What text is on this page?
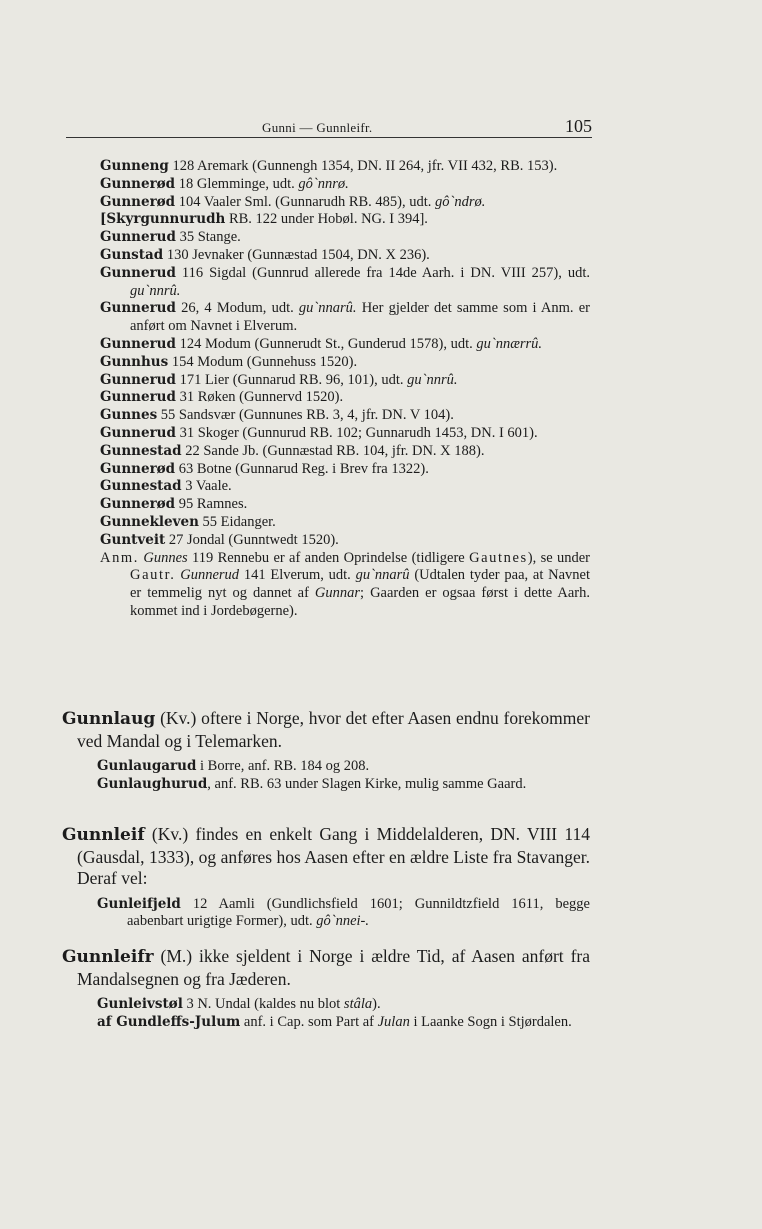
Gunni — Gunnleifr.	105
Gunneng 128 Aremark (Gunnengh 1354, DN. II 264, jfr. VII 432, RB. 153).
Gunnerød 18 Glemminge, udt. gô`nnrø.
Gunnerød 104 Vaaler Sml. (Gunnarudh RB. 485), udt. gô`ndrø.
[Skyrgunnurudh RB. 122 under Hobøl. NG. I 394].
Gunnerud 35 Stange.
Gunstad 130 Jevnaker (Gunnæstad 1504, DN. X 236).
Gunnerud 116 Sigdal (Gunnrud allerede fra 14de Aarh. i DN. VIII 257), udt. gu`nnrû.
Gunnerud 26, 4 Modum, udt. gu`nnarû. Her gjelder det samme som i Anm. er anført om Navnet i Elverum.
Gunnerud 124 Modum (Gunnerudt St., Gunderud 1578), udt. gu`nnærrû.
Gunnhus 154 Modum (Gunnehuss 1520).
Gunnerud 171 Lier (Gunnarud RB. 96, 101), udt. gu`nnrû.
Gunnerud 31 Røken (Gunnervd 1520).
Gunnes 55 Sandsvær (Gunnunes RB. 3, 4, jfr. DN. V 104).
Gunnerud 31 Skoger (Gunnurud RB. 102; Gunnarudh 1453, DN. I 601).
Gunnestad 22 Sande Jb. (Gunnæstad RB. 104, jfr. DN. X 188).
Gunnerød 63 Botne (Gunnarud Reg. i Brev fra 1322).
Gunnestad 3 Vaale.
Gunnerød 95 Ramnes.
Gunnekleven 55 Eidanger.
Guntveit 27 Jondal (Gunntwedt 1520).
Anm. Gunnes 119 Rennebu er af anden Oprindelse (tidligere Gautnes), se under Gautr. Gunnerud 141 Elverum, udt. gu`nnarû (Udtalen tyder paa, at Navnet er temmelig nyt og dannet af Gunnar; Gaarden er ogsaa først i dette Aarh. kommet ind i Jordebøgerne).
Gunnlaug (Kv.) oftere i Norge, hvor det efter Aasen endnu forekommer ved Mandal og i Telemarken.
Gunlaugarud i Borre, anf. RB. 184 og 208.
Gunlaughurud, anf. RB. 63 under Slagen Kirke, mulig samme Gaard.
Gunnleif (Kv.) findes en enkelt Gang i Middelalderen, DN. VIII 114 (Gausdal, 1333), og anføres hos Aasen efter en ældre Liste fra Stavanger. Deraf vel:
Gunleifjeld 12 Aamli (Gundlichsfield 1601; Gunnildtzfield 1611, begge aabenbart urigtige Former), udt. gô`nnei-.
Gunnleifr (M.) ikke sjeldent i Norge i ældre Tid, af Aasen anført fra Mandalsegnen og fra Jæderen.
Gunleivstøl 3 N. Undal (kaldes nu blot stâla).
af Gundleffs-Julum anf. i Cap. som Part af Julan i Laanke Sogn i Stjørdalen.
